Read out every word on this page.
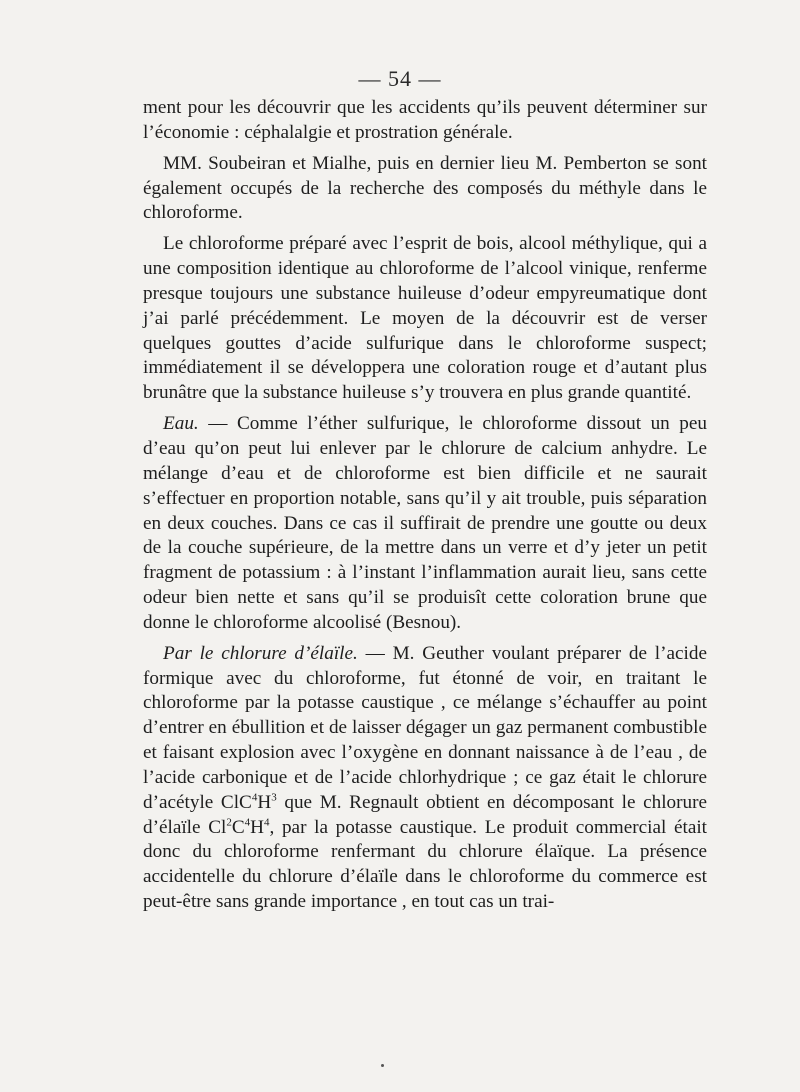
— 54 —

ment pour les découvrir que les accidents qu’ils peuvent déterminer sur l’économie : céphalalgie et prostration générale.

MM. Soubeiran et Mialhe, puis en dernier lieu M. Pemberton se sont également occupés de la recherche des composés du méthyle dans le chloroforme.

Le chloroforme préparé avec l’esprit de bois, alcool méthylique, qui a une composition identique au chloroforme de l’alcool vinique, renferme presque toujours une substance huileuse d’odeur empyreumatique dont j’ai parlé précédemment. Le moyen de la découvrir est de verser quelques gouttes d’acide sulfurique dans le chloroforme suspect; immédiatement il se développera une coloration rouge et d’autant plus brunâtre que la substance huileuse s’y trouvera en plus grande quantité.

Eau. — Comme l’éther sulfurique, le chloroforme dissout un peu d’eau qu’on peut lui enlever par le chlorure de calcium anhydre. Le mélange d’eau et de chloroforme est bien difficile et ne saurait s’effectuer en proportion notable, sans qu’il y ait trouble, puis séparation en deux couches. Dans ce cas il suffirait de prendre une goutte ou deux de la couche supérieure, de la mettre dans un verre et d’y jeter un petit fragment de potassium : à l’instant l’inflammation aurait lieu, sans cette odeur bien nette et sans qu’il se produisît cette coloration brune que donne le chloroforme alcoolisé (Besnou).

Par le chlorure d’élaïle. — M. Geuther voulant préparer de l’acide formique avec du chloroforme, fut étonné de voir, en traitant le chloroforme par la potasse caustique , ce mélange s’échauffer au point d’entrer en ébullition et de laisser dégager un gaz permanent combustible et faisant explosion avec l’oxygène en donnant naissance à de l’eau , de l’acide carbonique et de l’acide chlorhydrique ; ce gaz était le chlorure d’acétyle $ClC^4H^3$ que M. Regnault obtient en décomposant le chlorure d’élaïle $Cl^2C^4H^4$, par la potasse caustique. Le produit commercial était donc du chloroforme renfermant du chlorure élaïque. La présence accidentelle du chlorure d’élaïle dans le chloroforme du commerce est peut-être sans grande importance , en tout cas un trai-
